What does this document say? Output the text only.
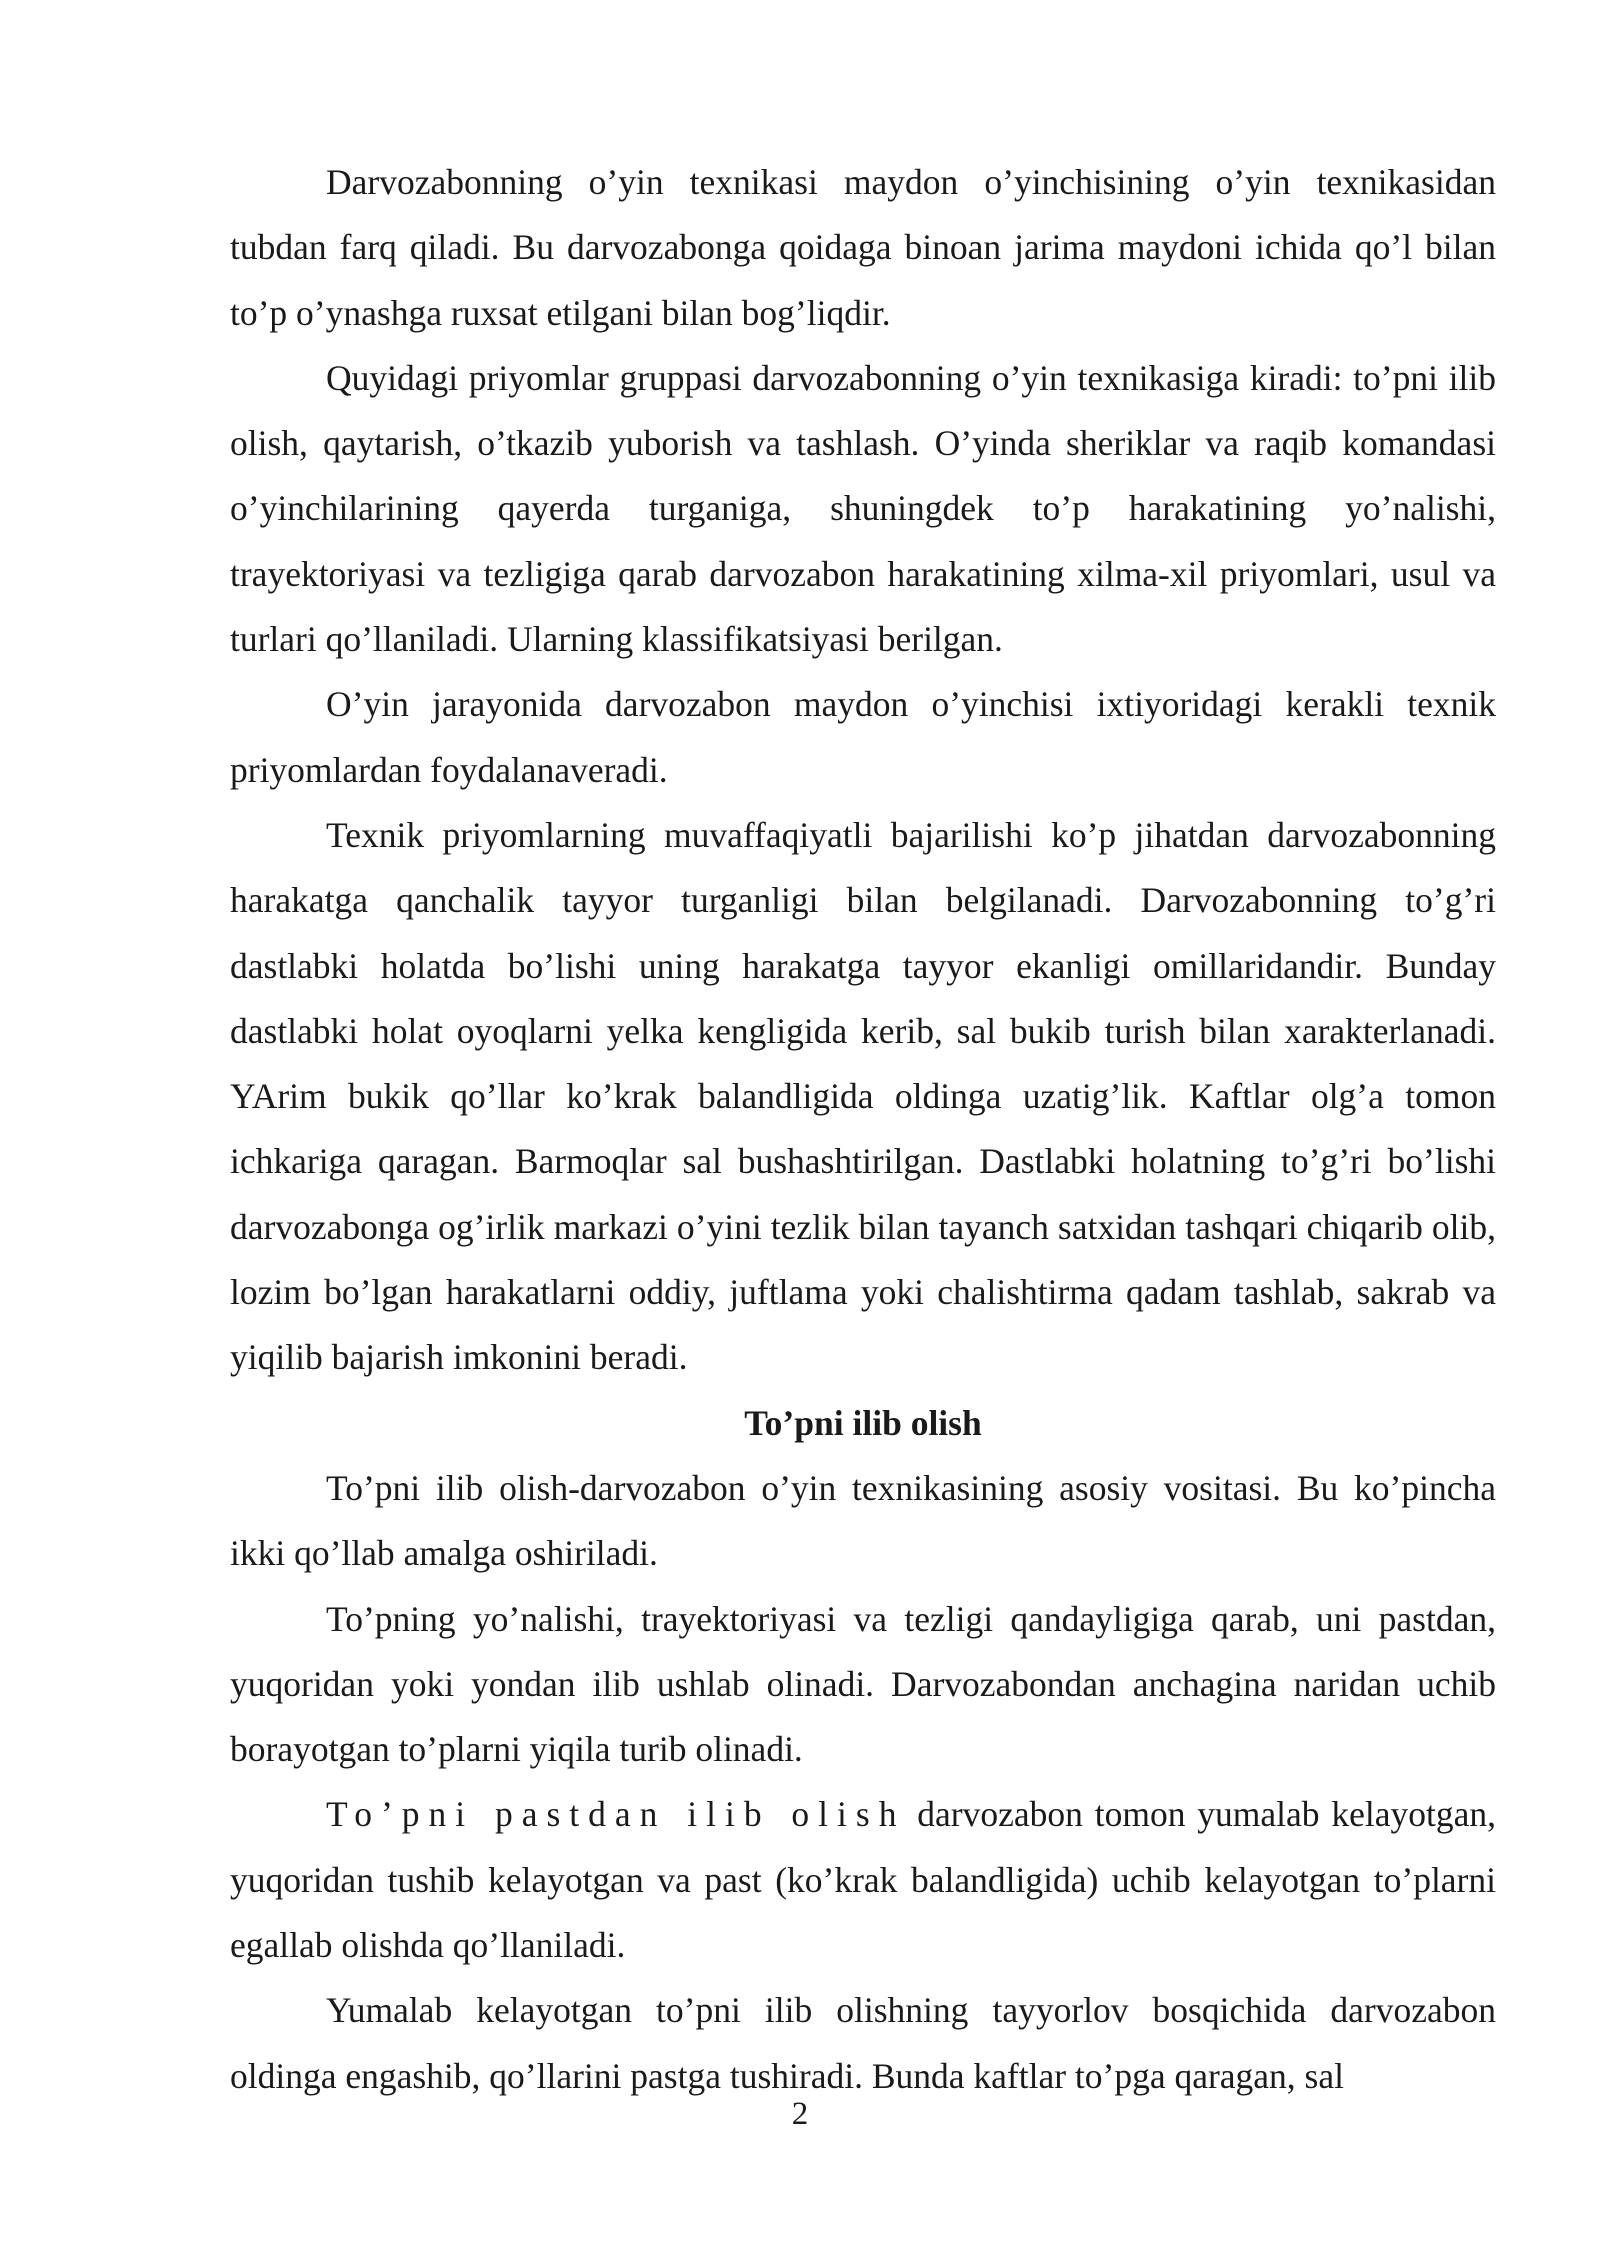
Darvozabonning o’yin texnikasi maydon o’yinchisining o’yin texnikasidan tubdan farq qiladi. Bu darvozabonga qoidaga binoan jarima maydoni ichida qo’l bilan to’p o’ynashga ruxsat etilgani bilan bog’liqdir.

Quyidagi priyomlar gruppasi darvozabonning o’yin texnikasiga kiradi: to’pni ilib olish, qaytarish, o’tkazib yuborish va tashlash. O’yinda sheriklar va raqib komandasi o’yinchilarining qayerda turganiga, shuningdek to’p harakatining yo’nalishi, trayektoriyasi va tezligiga qarab darvozabon harakatining xilma-xil priyomlari, usul va turlari qo’llaniladi. Ularning klassifikatsiyasi berilgan.

O’yin jarayonida darvozabon maydon o’yinchisi ixtiyoridagi kerakli texnik priyomlardan foydalanaveradi.

Texnik priyomlarning muvaffaqiyatli bajarilishi ko’p jihatdan darvozabonning harakatga qanchalik tayyor turganligi bilan belgilanadi. Darvozabonning to’g’ri dastlabki holatda bo’lishi uning harakatga tayyor ekanligi omillaridandir. Bunday dastlabki holat oyoqlarni yelka kengligida kerib, sal bukib turish bilan xarakterlanadi. YArim bukik qo’llar ko’krak balandligida oldinga uzatig’lik. Kaftlar olg’a tomon ichkariga qaragan. Barmoqlar sal bushashtirilgan. Dastlabki holatning to’g’ri bo’lishi darvozabonga og’irlik markazi o’yini tezlik bilan tayanch satxidan tashqari chiqarib olib, lozim bo’lgan harakatlarni oddiy, juftlama yoki chalishtirma qadam tashlab, sakrab va yiqilib bajarish imkonini beradi.

To’pni ilib olish

To’pni ilib olish-darvozabon o’yin texnikasining asosiy vositasi. Bu ko’pincha ikki qo’llab amalga oshiriladi.

To’pning yo’nalishi, trayektoriyasi va tezligi qandayligiga qarab, uni pastdan, yuqoridan yoki yondan ilib ushlab olinadi. Darvozabondan anchagina naridan uchib borayotgan to’plarni yiqila turib olinadi.

To’pni pastdan ilib olish darvozabon tomon yumalab kelayotgan, yuqoridan tushib kelayotgan va past (ko’krak balandligida) uchib kelayotgan to’plarni egallab olishda qo’llaniladi.

Yumalab kelayotgan to’pni ilib olishning tayyorlov bosqichida darvozabon oldinga engashib, qo’llarini pastga tushiradi. Bunda kaftlar to’pga qaragan, sal

2
